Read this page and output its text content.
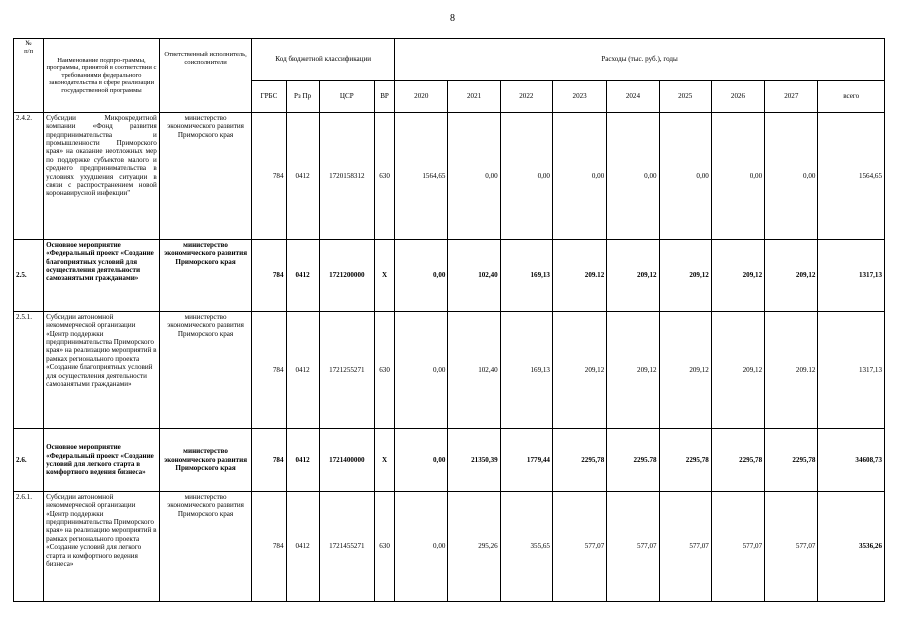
8
№
п/п	Наименование подпро-граммы, программы, принятой в соответствии с требованиями федерального законодательства в сфере реализации государственной программы	Ответственный исполнитель, соисполнители	Код бюджетной классификации				Расходы (тыс. руб.), годы								
			ГРБС	Рз Пр	ЦСР	ВР	2020	2021	2022	2023	2024	2025	2026	2027	всего
2.4.2.	Субсидии Микрокредитной компании «Фонд развития предпринимательства и промышленности Приморского края» на оказание неотложных мер по поддержке субъектов малого и среднего предпринимательства в условиях ухудшения ситуации в связи с распространением новой коронавирусной инфекции"	министерство экономического развития Приморского края	784	0412	1720158312	630	1564,65	0,00	0,00	0,00	0,00	0,00	0,00	0,00	1564,65
2.5.	Основное мероприятие «Федеральный проект «Создание благоприятных условий для осуществления деятельности самозанятыми гражданами»	министерство экономического развития Приморского края	784	0412	1721200000	Х	0,00	102,40	169,13	209.12	209,12	209,12	209,12	209,12	1317,13
2.5.1.	Субсидии автономной некоммерческой организации «Центр поддержки предпринимательства Приморского края» на реализацию мероприятий в рамках регионального проекта «Создание благоприятных условий для осуществления деятельности самозанятыми гражданами»	министерство экономического развития Приморского края	784	0412	1721255271	630	0,00	102,40	169,13	209,12	209,12	209,12	209,12	209.12	1317,13
2.6.	Основное мероприятие «Федеральный проект «Создание условий для легкого старта в комфортного ведения бизнеса»	министерство экономического развития Приморского края	784	0412	1721400000	Х	0,00	21350,39	1779,44	2295,78	2295.78	2295,78	2295,78	2295,78	34608,73
2.6.1.	Субсидии автономной некоммерческой организации «Центр поддержки предпринимательства Приморского края» на реализацию мероприятий в рамках регионального проекта «Создание условий для легкого старта и комфортного ведения бизнеса»	министерство экономического развития Приморского края	784	0412	1721455271	630	0,00	295,26	355,65	577,07	577,07	577,07	577,07	577,07	3536,26
